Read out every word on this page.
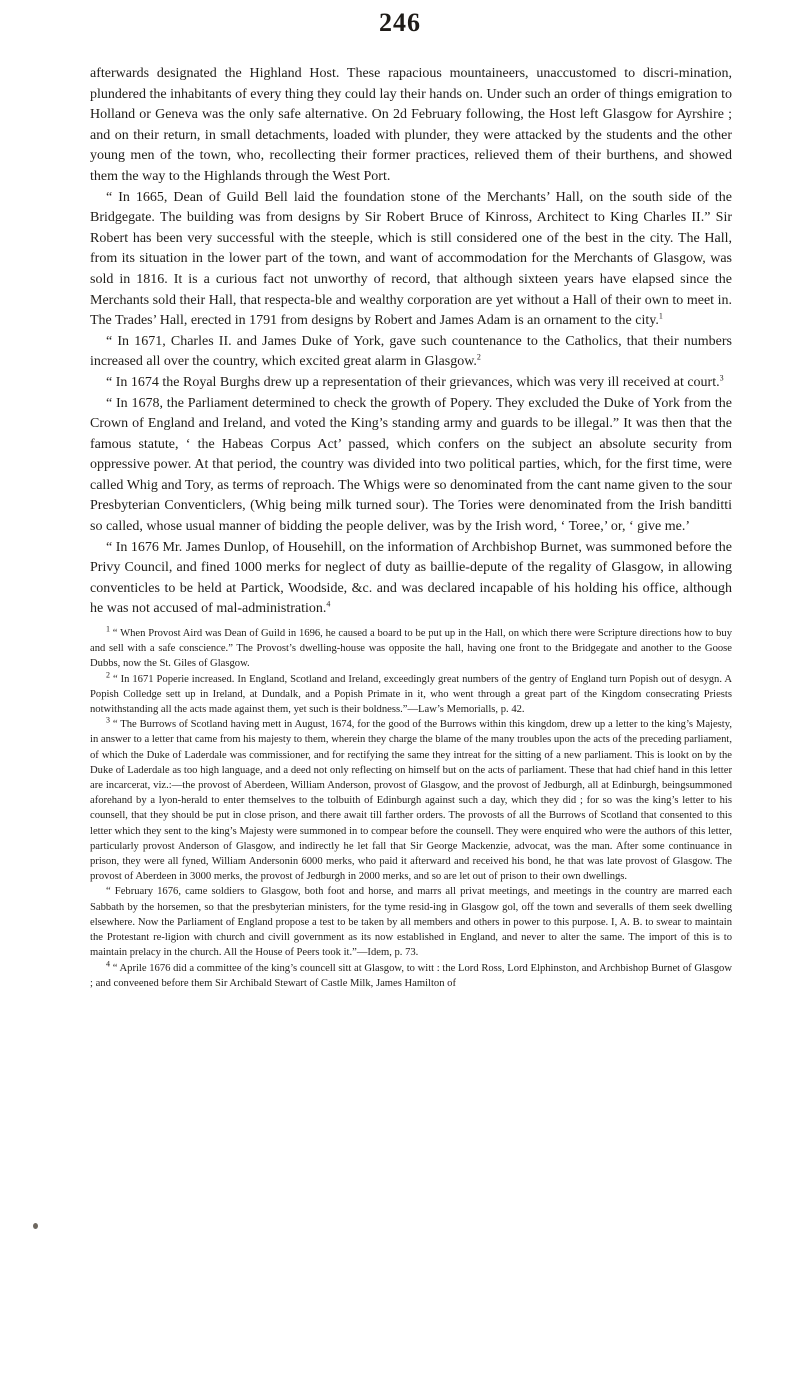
246

afterwards designated the Highland Host. These rapacious mountaineers, unaccustomed to discri-mination, plundered the inhabitants of every thing they could lay their hands on. Under such an order of things emigration to Holland or Geneva was the only safe alternative. On 2d February following, the Host left Glasgow for Ayrshire ; and on their return, in small detachments, loaded with plunder, they were attacked by the students and the other young men of the town, who, recollecting their former practices, relieved them of their burthens, and showed them the way to the Highlands through the West Port.

“ In 1665, Dean of Guild Bell laid the foundation stone of the Merchants’ Hall, on the south side of the Bridgegate. The building was from designs by Sir Robert Bruce of Kinross, Architect to King Charles II.” Sir Robert has been very successful with the steeple, which is still considered one of the best in the city. The Hall, from its situation in the lower part of the town, and want of accommodation for the Merchants of Glasgow, was sold in 1816. It is a curious fact not unworthy of record, that although sixteen years have elapsed since the Merchants sold their Hall, that respecta-ble and wealthy corporation are yet without a Hall of their own to meet in. The Trades’ Hall, erected in 1791 from designs by Robert and James Adam is an ornament to the city.$^1$

“ In 1671, Charles II. and James Duke of York, gave such countenance to the Catholics, that their numbers increased all over the country, which excited great alarm in Glasgow.$^2$

“ In 1674 the Royal Burghs drew up a representation of their grievances, which was very ill received at court.$^3$

“ In 1678, the Parliament determined to check the growth of Popery. They excluded the Duke of York from the Crown of England and Ireland, and voted the King’s standing army and guards to be illegal.” It was then that the famous statute, ‘ the Habeas Corpus Act’ passed, which confers on the subject an absolute security from oppressive power. At that period, the country was divided into two political parties, which, for the first time, were called Whig and Tory, as terms of reproach. The Whigs were so denominated from the cant name given to the sour Presbyterian Conventiclers, (Whig being milk turned sour). The Tories were denominated from the Irish banditti so called, whose usual manner of bidding the people deliver, was by the Irish word, ‘ Toree,’ or, ‘ give me.’

“ In 1676 Mr. James Dunlop, of Househill, on the information of Archbishop Burnet, was summoned before the Privy Council, and fined 1000 merks for neglect of duty as baillie-depute of the regality of Glasgow, in allowing conventicles to be held at Partick, Woodside, &c. and was declared incapable of his holding his office, although he was not accused of mal-administration.$^4$

$^1$ “ When Provost Aird was Dean of Guild in 1696, he caused a board to be put up in the Hall, on which there were Scripture directions how to buy and sell with a safe conscience.” The Provost’s dwelling-house was opposite the hall, having one front to the Bridgegate and another to the Goose Dubbs, now the St. Giles of Glasgow.

$^2$ “ In 1671 Poperie increased. In England, Scotland and Ireland, exceedingly great numbers of the gentry of England turn Popish out of desygn. A Popish Colledge sett up in Ireland, at Dundalk, and a Popish Primate in it, who went through a great part of the Kingdom consecrating Priests notwithstanding all the acts made against them, yet such is their boldness.”—Law’s Memorialls, p. 42.

$^3$ “ The Burrows of Scotland having mett in August, 1674, for the good of the Burrows within this kingdom, drew up a letter to the king’s Majesty, in answer to a letter that came from his majesty to them, wherein they charge the blame of the many troubles upon the acts of the preceding parliament, of which the Duke of Laderdale was commissioner, and for rectifying the same they intreat for the sitting of a new parliament. This is lookt on by the Duke of Laderdale as too high language, and a deed not only reflecting on himself but on the acts of parliament. These that had chief hand in this letter are incarcerat, viz.:—the provost of Aberdeen, William Anderson, provost of Glasgow, and the provost of Jedburgh, all at Edinburgh, beingsummoned aforehand by a lyon-herald to enter themselves to the tolbuith of Edinburgh against such a day, which they did ; for so was the king’s letter to his counsell, that they should be put in close prison, and there await till farther orders. The provosts of all the Burrows of Scotland that consented to this letter which they sent to the king’s Majesty were summoned in to compear before the counsell. They were enquired who were the authors of this letter, particularly provost Anderson of Glasgow, and indirectly he let fall that Sir George Mackenzie, advocat, was the man. After some continuance in prison, they were all fyned, William Andersonin 6000 merks, who paid it afterward and received his bond, he that was late provost of Glasgow. The provost of Aberdeen in 3000 merks, the provost of Jedburgh in 2000 merks, and so are let out of prison to their own dwellings.

“ February 1676, came soldiers to Glasgow, both foot and horse, and marrs all privat meetings, and meetings in the country are marred each Sabbath by the horsemen, so that the presbyterian ministers, for the tyme resid-ing in Glasgow gol, off the town and severalls of them seek dwelling elsewhere. Now the Parliament of England propose a test to be taken by all members and others in power to this purpose. I, A. B. to swear to maintain the Protestant re-ligion with church and civill government as its now established in England, and never to alter the same. The import of this is to maintain prelacy in the church. All the House of Peers took it.”—Idem, p. 73.

$^4$ “ Aprile 1676 did a committee of the king’s councell sitt at Glasgow, to witt : the Lord Ross, Lord Elphinston, and Archbishop Burnet of Glasgow ; and conveened before them Sir Archibald Stewart of Castle Milk, James Hamilton of
